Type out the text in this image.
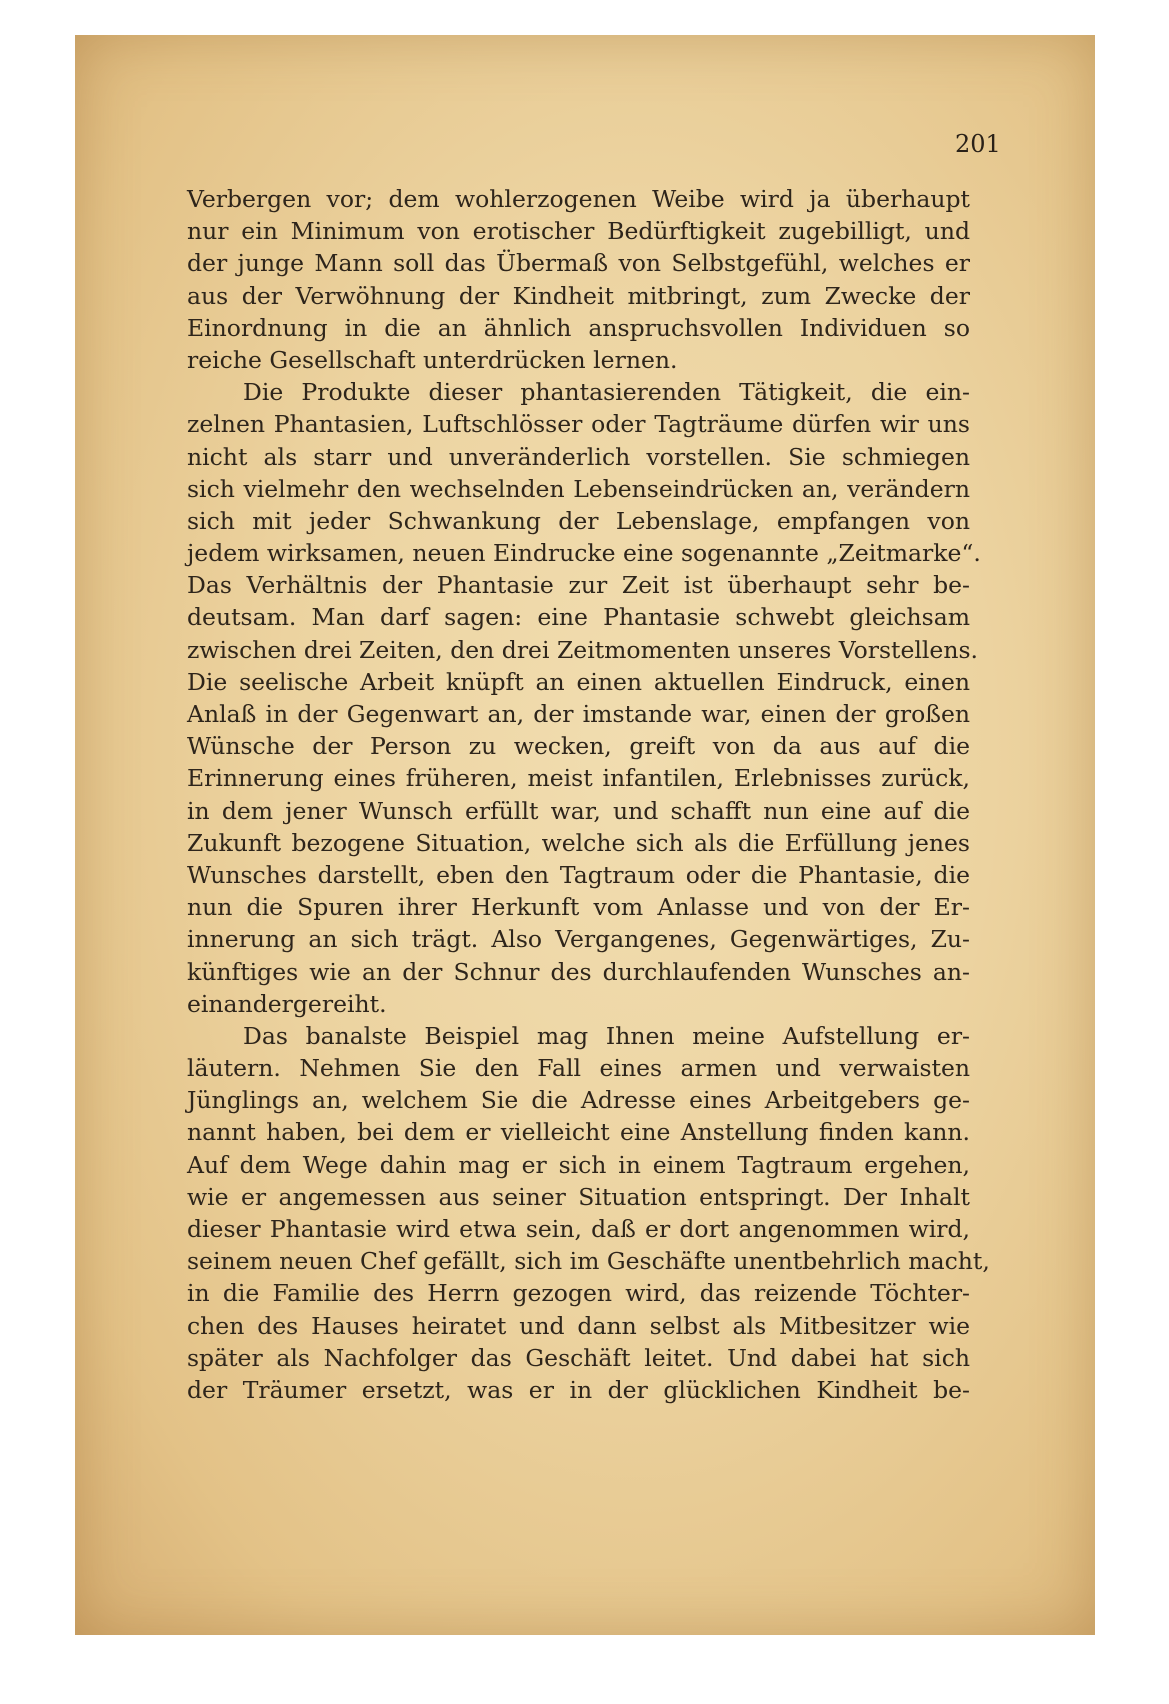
201
Verbergen vor; dem wohlerzogenen Weibe wird ja überhaupt
nur ein Minimum von erotischer Bedürftigkeit zugebilligt, und
der junge Mann soll das Übermaß von Selbstgefühl, welches er
aus der Verwöhnung der Kindheit mitbringt, zum Zwecke der
Einordnung in die an ähnlich anspruchsvollen Individuen so
reiche Gesellschaft unterdrücken lernen.
Die Produkte dieser phantasierenden Tätigkeit, die ein-
zelnen Phantasien, Luftschlösser oder Tagträume dürfen wir uns
nicht als starr und unveränderlich vorstellen. Sie schmiegen
sich vielmehr den wechselnden Lebenseindrücken an, verändern
sich mit jeder Schwankung der Lebenslage, empfangen von
jedem wirksamen, neuen Eindrucke eine sogenannte „Zeitmarke“.
Das Verhältnis der Phantasie zur Zeit ist überhaupt sehr be-
deutsam. Man darf sagen: eine Phantasie schwebt gleichsam
zwischen drei Zeiten, den drei Zeitmomenten unseres Vorstellens.
Die seelische Arbeit knüpft an einen aktuellen Eindruck, einen
Anlaß in der Gegenwart an, der imstande war, einen der großen
Wünsche der Person zu wecken, greift von da aus auf die
Erinnerung eines früheren, meist infantilen, Erlebnisses zurück,
in dem jener Wunsch erfüllt war, und schafft nun eine auf die
Zukunft bezogene Situation, welche sich als die Erfüllung jenes
Wunsches darstellt, eben den Tagtraum oder die Phantasie, die
nun die Spuren ihrer Herkunft vom Anlasse und von der Er-
innerung an sich trägt. Also Vergangenes, Gegenwärtiges, Zu-
künftiges wie an der Schnur des durchlaufenden Wunsches an-
einandergereiht.
Das banalste Beispiel mag Ihnen meine Aufstellung er-
läutern. Nehmen Sie den Fall eines armen und verwaisten
Jünglings an, welchem Sie die Adresse eines Arbeitgebers ge-
nannt haben, bei dem er vielleicht eine Anstellung finden kann.
Auf dem Wege dahin mag er sich in einem Tagtraum ergehen,
wie er angemessen aus seiner Situation entspringt. Der Inhalt
dieser Phantasie wird etwa sein, daß er dort angenommen wird,
seinem neuen Chef gefällt, sich im Geschäfte unentbehrlich macht,
in die Familie des Herrn gezogen wird, das reizende Töchter-
chen des Hauses heiratet und dann selbst als Mitbesitzer wie
später als Nachfolger das Geschäft leitet. Und dabei hat sich
der Träumer ersetzt, was er in der glücklichen Kindheit be-
